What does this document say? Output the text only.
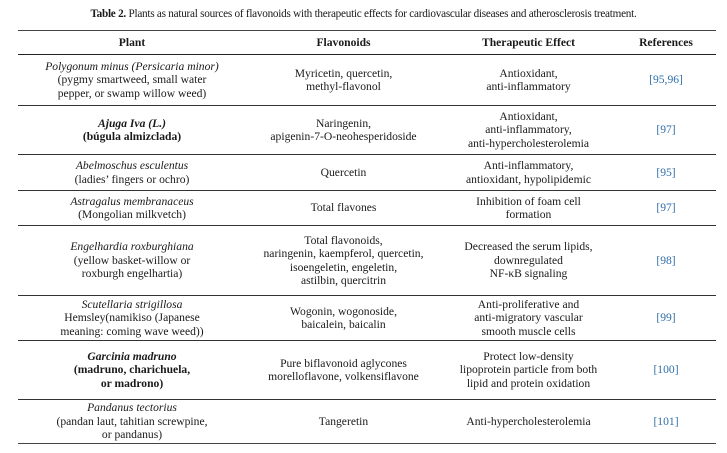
Table 2. Plants as natural sources of flavonoids with therapeutic effects for cardiovascular diseases and atherosclerosis treatment.
Plant	Flavonoids	Therapeutic Effect	References

Polygonum minus (Persicaria minor)
(pygmy smartweed, small water
pepper, or swamp willow weed)	Myricetin, quercetin,
methyl-flavonol	Antioxidant,
anti-inflammatory	[95,96]

Ajuga Iva (L.)
(búgula almizclada)	Naringenin,
apigenin-7-O-neohesperidoside	Antioxidant,
anti-inflammatory,
anti-hypercholesterolemia	[97]

Abelmoschus esculentus
(ladies’ fingers or ochro)	Quercetin	Anti-inflammatory,
antioxidant, hypolipidemic	[95]

Astragalus membranaceus
(Mongolian milkvetch)	Total flavones	Inhibition of foam cell
formation	[97]

Engelhardia roxburghiana
(yellow basket-willow or
roxburgh engelhartia)	Total flavonoids,
naringenin, kaempferol, quercetin,
isoengeletin, engeletin,
astilbin, quercitrin	Decreased the serum lipids,
downregulated
NF-κB signaling	[98]

Scutellaria strigillosa
Hemsley(namikiso (Japanese
meaning: coming wave weed))	Wogonin, wogonoside,
baicalein, baicalin	Anti-proliferative and
anti-migratory vascular
smooth muscle cells	[99]

Garcinia madruno
(madruno, charichuela,
or madrono)	Pure biflavonoid aglycones
morelloflavone, volkensiflavone	Protect low-density
lipoprotein particle from both
lipid and protein oxidation	[100]

Pandanus tectorius
(pandan laut, tahitian screwpine,
or pandanus)	Tangeretin	Anti-hypercholesterolemia	[101]
